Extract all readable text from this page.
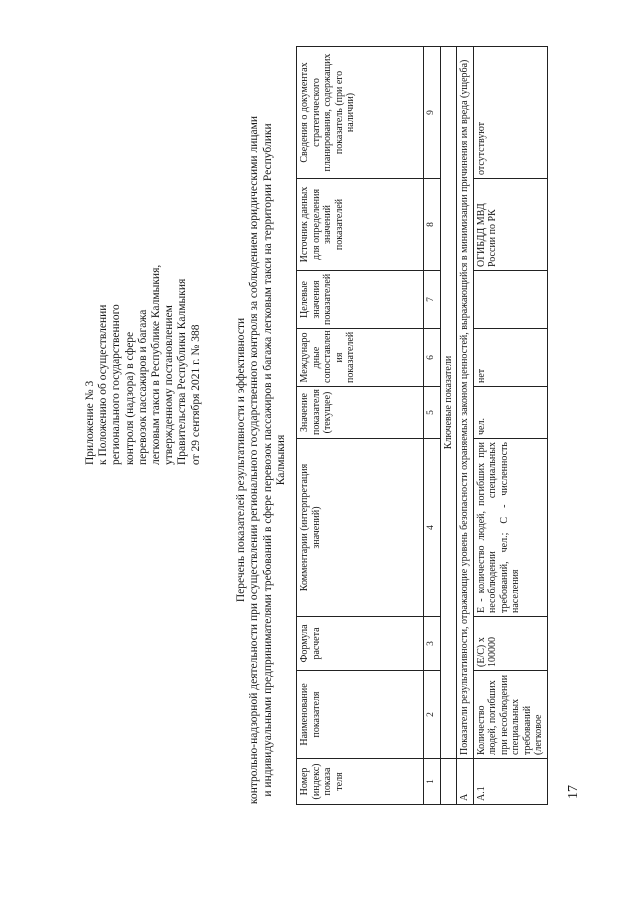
17
Приложение № 3 к Положению об осуществлении регионального государственного контроля (надзора) в сфере перевозок пассажиров и багажа легковым такси в Республике Калмыкия, утвержденному постановлением Правительства Республики Калмыкия от 29 сентября 2021 г. № 388	Перечень показателей результативности и эффективности контрольно-надзорной деятельности при осуществлении регионального государственного контроля за соблюдением юридическими лицами и индивидуальными предпринимателями требований в сфере перевозок пассажиров и багажа легковым такси на территории Республики Калмыкия
Номер (индекс) показа теля	Наименование показателя	Формула расчета	Комментарии (интерпретация значений)	Значение показателя (текущее)	Междунаро дные сопоставлен ия показателей	Целевые значения показателей	Источник данных для определения значений показателей	Сведения о документах стратегического планирования, содержащих показатель (при его наличии)
1	2	3	4	5	6	7	8	9
	Ключевые показатели							
А	Показатели результативности, отражающие уровень безопасности охраняемых законом ценностей, выражающийся в минимизации причинения им вреда (ущерба)							
А.1	Количество людей, погибших при несоблюдении специальных требований (легковое	(Е/С) х 100000	Е - количество людей, погибших при несоблюдении специальных требований, чел.; С - численность населения	чел.	нет		ОГИБДД МВД России по РК	отсутствуют
